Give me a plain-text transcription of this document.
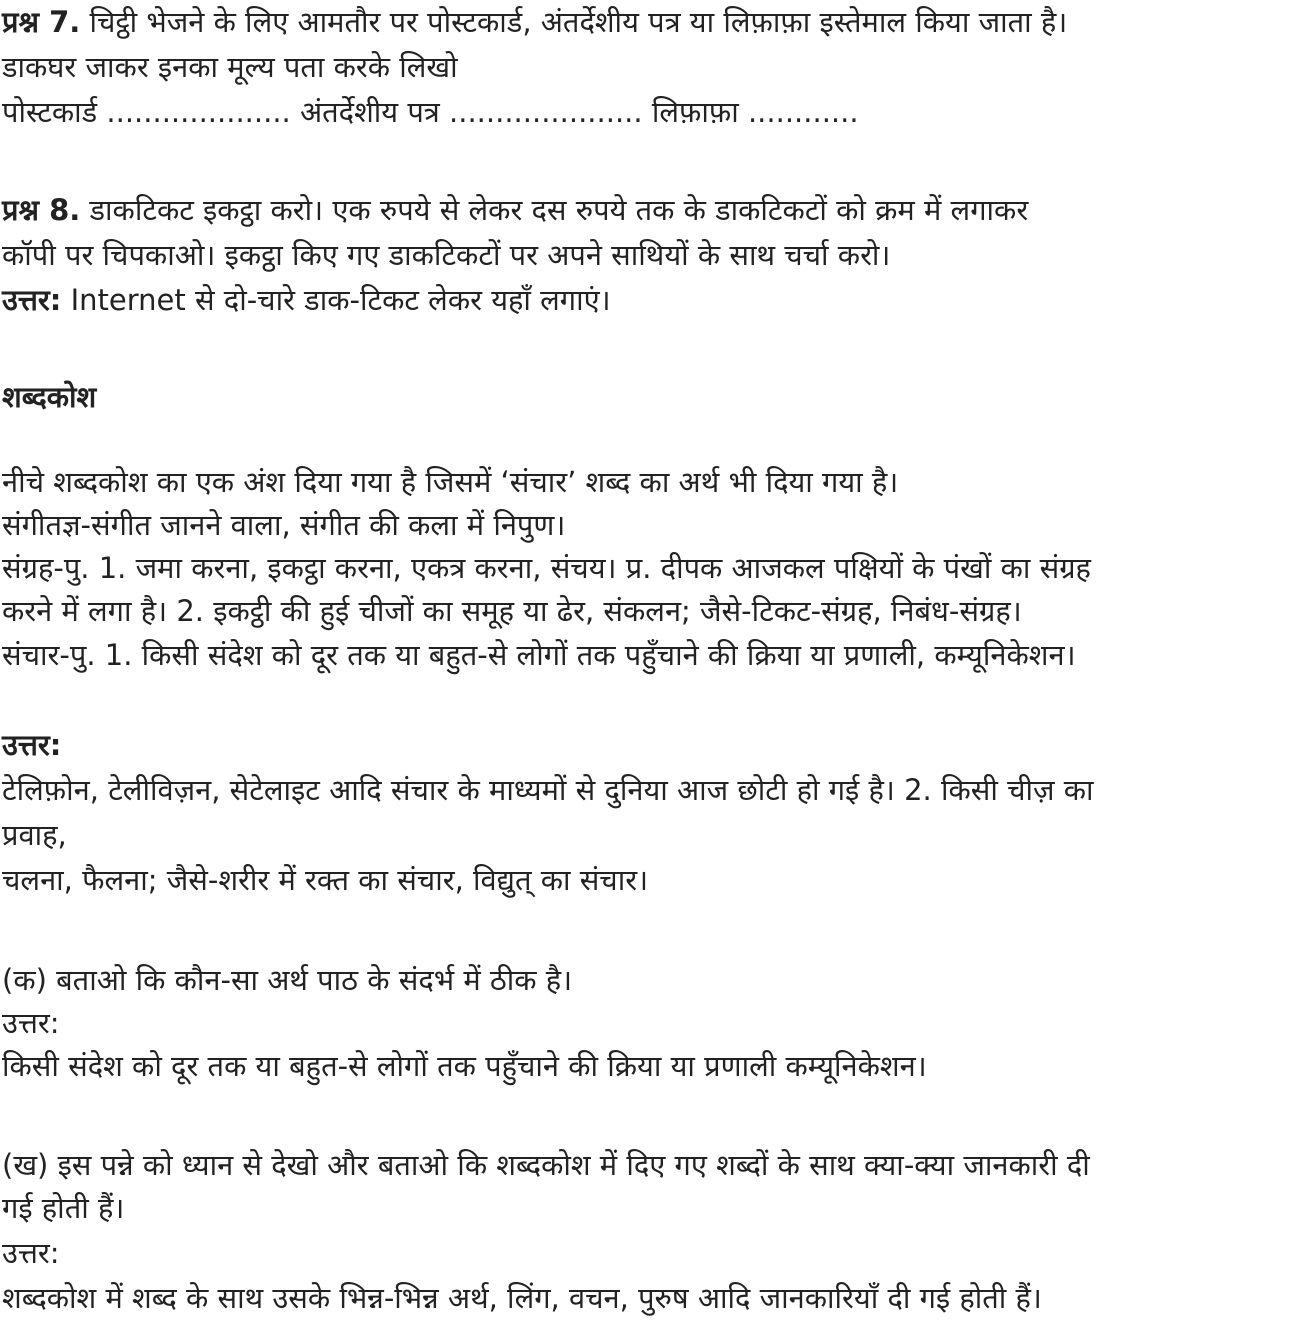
प्रश्न 7. चिट्ठी भेजने के लिए आमतौर पर पोस्टकार्ड, अंतर्देशीय पत्र या लिफ़ाफ़ा इस्तेमाल किया जाता है।
डाकघर जाकर इनका मूल्य पता करके लिखो
पोस्टकार्ड .................... अंतर्देशीय पत्र ..................... लिफ़ाफ़ा ............
प्रश्न 8. डाकटिकट इकट्ठा करो। एक रुपये से लेकर दस रुपये तक के डाकटिकटों को क्रम में लगाकर
कॉपी पर चिपकाओ। इकट्ठा किए गए डाकटिकटों पर अपने साथियों के साथ चर्चा करो।
उत्तर: Internet से दो-चारे डाक-टिकट लेकर यहाँ लगाएं।
शब्दकोश
नीचे शब्दकोश का एक अंश दिया गया है जिसमें ‘संचार’ शब्द का अर्थ भी दिया गया है।
संगीतज्ञ-संगीत जानने वाला, संगीत की कला में निपुण।
संग्रह-पु. 1. जमा करना, इकट्ठा करना, एकत्र करना, संचय। प्र. दीपक आजकल पक्षियों के पंखों का संग्रह
करने में लगा है। 2. इकट्ठी की हुई चीजों का समूह या ढेर, संकलन; जैसे-टिकट-संग्रह, निबंध-संग्रह।
संचार-पु. 1. किसी संदेश को दूर तक या बहुत-से लोगों तक पहुँचाने की क्रिया या प्रणाली, कम्यूनिकेशन।
उत्तर:
टेलिफ़ोन, टेलीविज़न, सेटेलाइट आदि संचार के माध्यमों से दुनिया आज छोटी हो गई है। 2. किसी चीज़ का
प्रवाह,
चलना, फैलना; जैसे-शरीर में रक्त का संचार, विद्युत् का संचार।
(क) बताओ कि कौन-सा अर्थ पाठ के संदर्भ में ठीक है।
उत्तर:
किसी संदेश को दूर तक या बहुत-से लोगों तक पहुँचाने की क्रिया या प्रणाली कम्यूनिकेशन।
(ख) इस पन्ने को ध्यान से देखो और बताओ कि शब्दकोश में दिए गए शब्दों के साथ क्या-क्या जानकारी दी
गई होती हैं।
उत्तर:
शब्दकोश में शब्द के साथ उसके भिन्न-भिन्न अर्थ, लिंग, वचन, पुरुष आदि जानकारियाँ दी गई होती हैं।
